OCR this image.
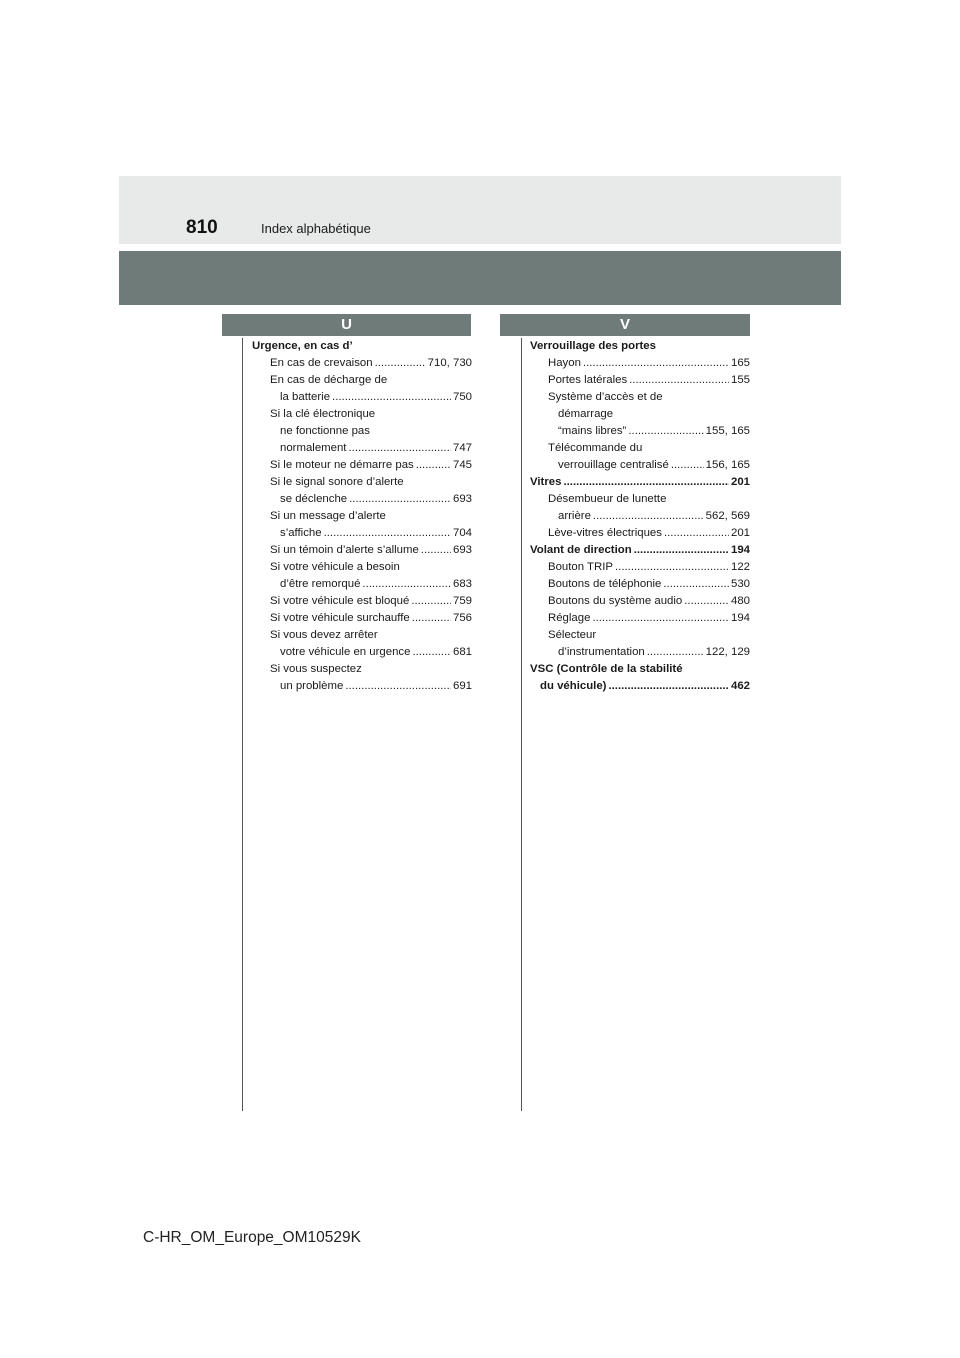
810	Index alphabétique
U	V
Urgence, en cas d’
En cas de crevaison .....	710, 730
En cas de décharge de
la batterie .....	750
Si la clé électronique
ne fonctionne pas
normalement .....	747
Si le moteur ne démarre pas .....	745
Si le signal sonore d’alerte
se déclenche .....	693
Si un message d’alerte
s’affiche .....	704
Si un témoin d’alerte s’allume .....	693
Si votre véhicule a besoin
d’être remorqué .....	683
Si votre véhicule est bloqué .....	759
Si votre véhicule surchauffe .....	756
Si vous devez arrêter
votre véhicule en urgence .....	681
Si vous suspectez
un problème .....	691
Verrouillage des portes
Hayon .....	165
Portes latérales .....	155
Système d’accès et de
démarrage
“mains libres” .....	155, 165
Télécommande du
verrouillage centralisé .....	156, 165
Vitres .....	201
Désembueur de lunette
arrière .....	562, 569
Lève-vitres électriques .....	201
Volant de direction .....	194
Bouton TRIP .....	122
Boutons de téléphonie .....	530
Boutons du système audio .....	480
Réglage .....	194
Sélecteur
d’instrumentation .....	122, 129
VSC (Contrôle de la stabilité
du véhicule) .....	462
C-HR_OM_Europe_OM10529K
